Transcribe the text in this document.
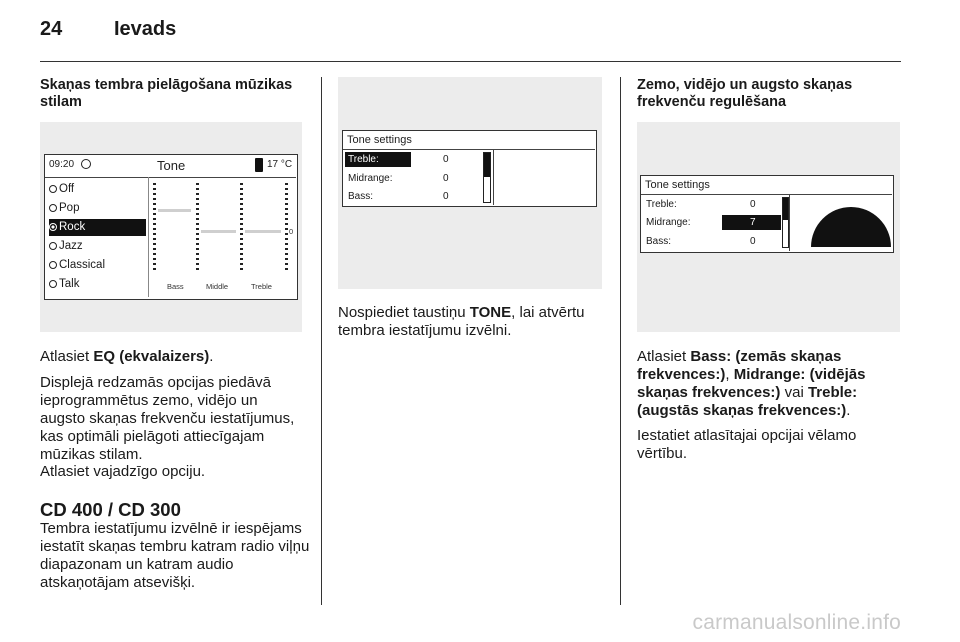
24	Ievads
Skaņas tembra pielāgošana mūzikas stilam
09:20	Tone	17 °C
Off
Pop
Rock
Jazz
Classical
Talk
0
Bass	Middle	Treble
Atlasiet EQ (ekvalaizers).
Displejā redzamās opcijas piedāvā ieprogrammētus zemo, vidējo un augsto skaņas frekvenču iestatījumus, kas optimāli pielāgoti attiecīgajam mūzikas stilam.
Atlasiet vajadzīgo opciju.
CD 400 / CD 300
Tembra iestatījumu izvēlnē ir iespējams iestatīt skaņas tembru katram radio viļņu diapazonam un katram audio atskaņotājam atsevišķi.
Tone settings
Treble:	0
Midrange:	0
Bass:	0
Nospiediet taustiņu TONE, lai atvērtu tembra iestatījumu izvēlni.
Zemo, vidējo un augsto skaņas frekvenču regulēšana
Tone settings
Treble:	0
Midrange:	7
Bass:	0
Atlasiet Bass: (zemās skaņas frekvences:), Midrange: (vidējās skaņas frekvences:) vai Treble: (augstās skaņas frekvences:).
Iestatiet atlasītajai opcijai vēlamo vērtību.
carmanualsonline.info
